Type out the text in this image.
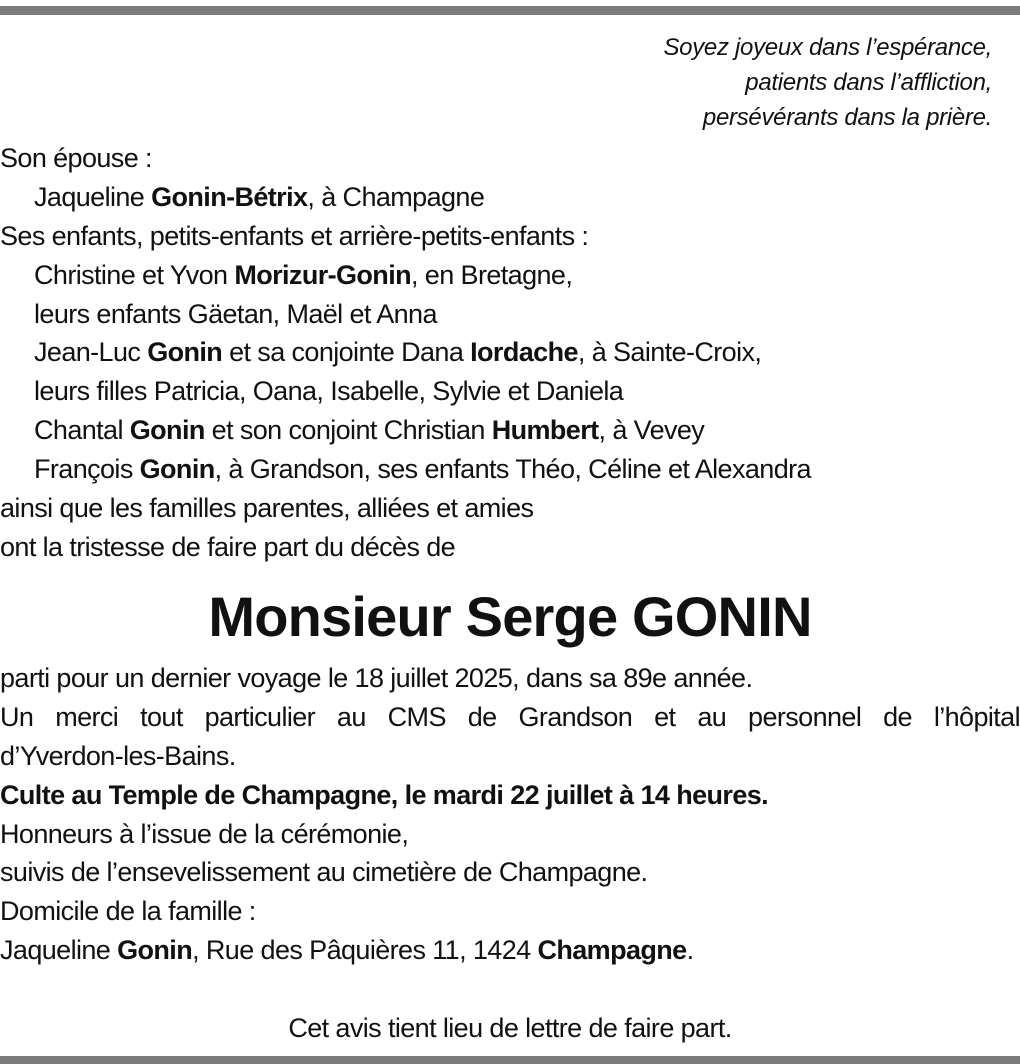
Soyez joyeux dans l’espérance,
patients dans l’affliction,
persévérants dans la prière.
Son épouse :
Jaqueline Gonin-Bétrix, à Champagne
Ses enfants, petits-enfants et arrière-petits-enfants :
Christine et Yvon Morizur-Gonin, en Bretagne,
leurs enfants Gäetan, Maël et Anna
Jean-Luc Gonin et sa conjointe Dana Iordache, à Sainte-Croix,
leurs filles Patricia, Oana, Isabelle, Sylvie et Daniela
Chantal Gonin et son conjoint Christian Humbert, à Vevey
François Gonin, à Grandson, ses enfants Théo, Céline et Alexandra
ainsi que les familles parentes, alliées et amies
ont la tristesse de faire part du décès de
Monsieur Serge GONIN
parti pour un dernier voyage le 18 juillet 2025, dans sa 89e année.
Un merci tout particulier au CMS de Grandson et au personnel de l’hôpital
d’Yverdon-les-Bains.
Culte au Temple de Champagne, le mardi 22 juillet à 14 heures.
Honneurs à l’issue de la cérémonie,
suivis de l’ensevelissement au cimetière de Champagne.
Domicile de la famille :
Jaqueline Gonin, Rue des Pâquières 11, 1424 Champagne.
Cet avis tient lieu de lettre de faire part.
